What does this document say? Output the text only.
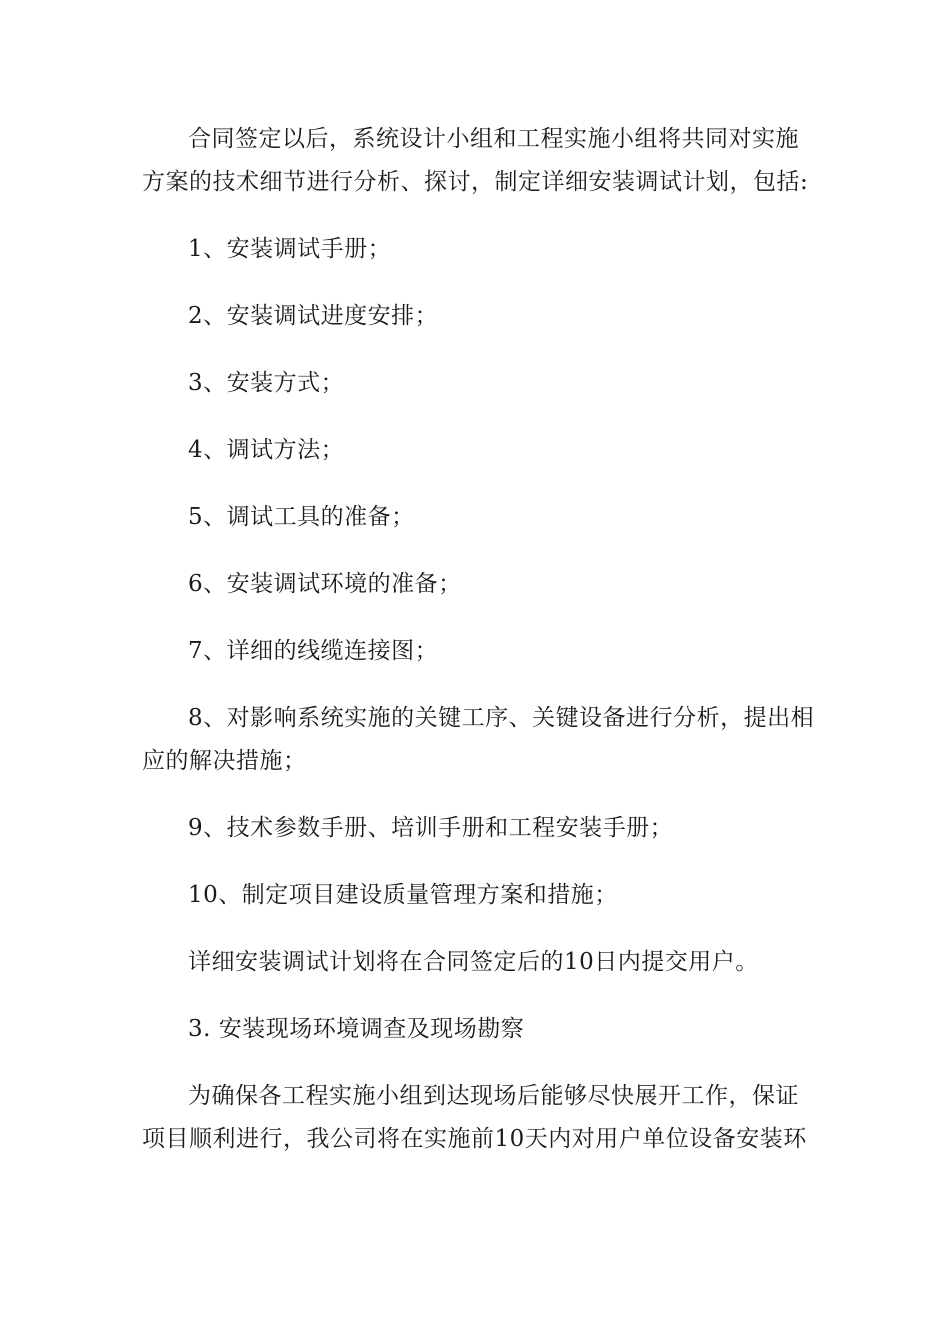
合同签定以后，系统设计小组和工程实施小组将共同对实施方案的技术细节进行分析、探讨，制定详细安装调试计划，包括:

1、安装调试手册；

2、安装调试进度安排；

3、安装方式；

4、调试方法；

5、调试工具的准备；

6、安装调试环境的准备；

7、详细的线缆连接图；

8、对影响系统实施的关键工序、关键设备进行分析，提出相应的解决措施；

9、技术参数手册、培训手册和工程安装手册；

10、制定项目建设质量管理方案和措施；

详细安装调试计划将在合同签定后的10日内提交用户。

3. 安装现场环境调查及现场勘察

为确保各工程实施小组到达现场后能够尽快展开工作，保证项目顺利进行，我公司将在实施前10天内对用户单位设备安装环
